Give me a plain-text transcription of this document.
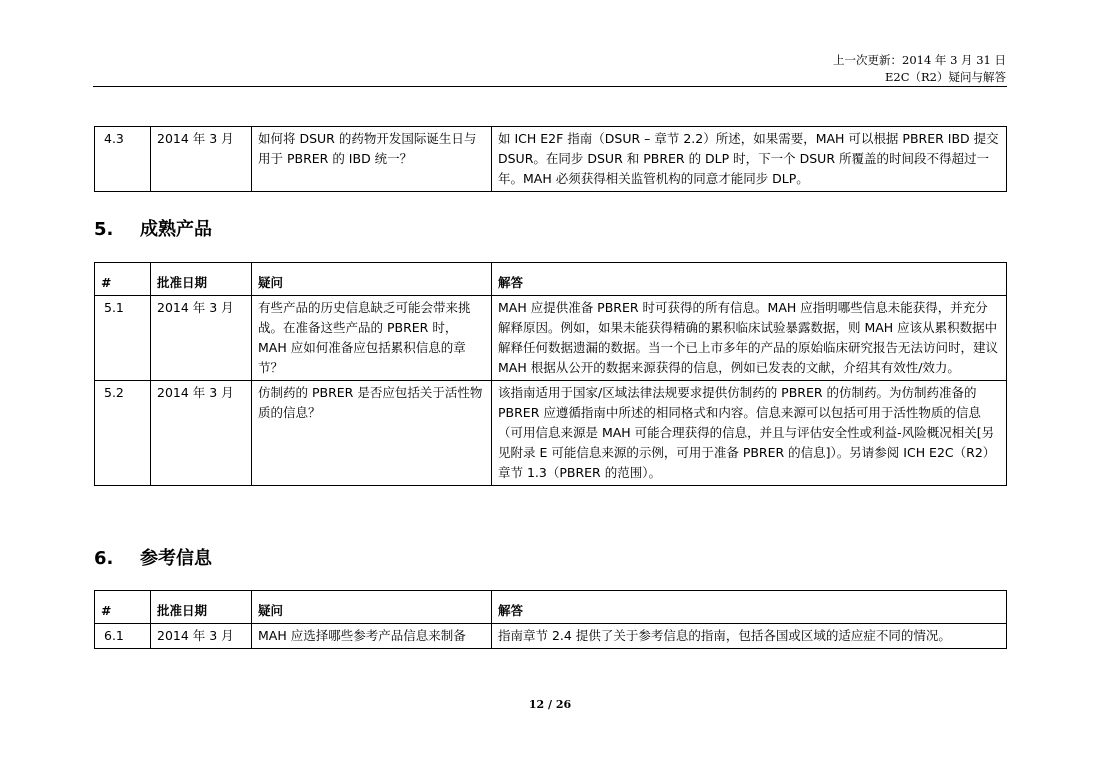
上一次更新：2014 年 3 月 31 日
E2C（R2）疑问与解答
4.3	2014 年 3 月	如何将 DSUR 的药物开发国际诞生日与用于 PBRER 的 IBD 统一？	如 ICH E2F 指南（DSUR – 章节 2.2）所述，如果需要，MAH 可以根据 PBRER IBD 提交 DSUR。在同步 DSUR 和 PBRER 的 DLP 时，下一个 DSUR 所覆盖的时间段不得超过一年。MAH 必须获得相关监管机构的同意才能同步 DLP。
5. 成熟产品
#	批准日期	疑问	解答
5.1	2014 年 3 月	有些产品的历史信息缺乏可能会带来挑战。在准备这些产品的 PBRER 时，MAH 应如何准备应包括累积信息的章节？	MAH 应提供准备 PBRER 时可获得的所有信息。MAH 应指明哪些信息未能获得，并充分解释原因。例如，如果未能获得精确的累积临床试验暴露数据，则 MAH 应该从累积数据中解释任何数据遗漏的数据。当一个已上市多年的产品的原始临床研究报告无法访问时，建议 MAH 根据从公开的数据来源获得的信息，例如已发表的文献，介绍其有效性/效力。
5.2	2014 年 3 月	仿制药的 PBRER 是否应包括关于活性物质的信息？	该指南适用于国家/区域法律法规要求提供仿制药的 PBRER 的仿制药。为仿制药准备的 PBRER 应遵循指南中所述的相同格式和内容。信息来源可以包括可用于活性物质的信息（可用信息来源是 MAH 可能合理获得的信息，并且与评估安全性或利益-风险概况相关[另见附录 E 可能信息来源的示例，可用于准备 PBRER 的信息]）。另请参阅 ICH E2C（R2）章节 1.3（PBRER 的范围）。
6. 参考信息
#	批准日期	疑问	解答
6.1	2014 年 3 月	MAH 应选择哪些参考产品信息来制备	指南章节 2.4 提供了关于参考信息的指南，包括各国或区域的适应症不同的情况。
12 / 26
